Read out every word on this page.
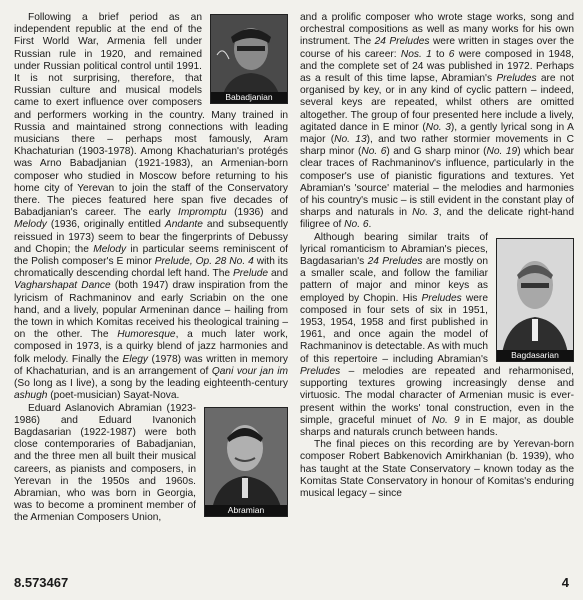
Babadjanian

Following a brief period as an independent republic at the end of the First World War, Armenia fell under Russian rule in 1920, and remained under Russian political control until 1991. It is not surprising, therefore, that Russian culture and musical models came to exert influence over composers and performers working in the country. Many trained in Russia and maintained strong connections with leading musicians there – perhaps most famously, Aram Khachaturian (1903-1978). Among Khachaturian's protégés was Arno Babadjanian (1921-1983), an Armenian-born composer who studied in Moscow before returning to his home city of Yerevan to join the staff of the Conservatory there. The pieces featured here span five decades of Babadjanian's career. The early Impromptu (1936) and Melody (1936, originally entitled Andante and subsequently reissued in 1973) seem to bear the fingerprints of Debussy and Chopin; the Melody in particular seems reminiscent of the Polish composer's E minor Prelude, Op. 28 No. 4 with its chromatically descending chordal left hand. The Prelude and Vagharshapat Dance (both 1947) draw inspiration from the lyricism of Rachmaninov and early Scriabin on the one hand, and a lively, popular Armeninan dance – hailing from the town in which Komitas received his theological training – on the other. The Humoresque, a much later work, composed in 1973, is a quirky blend of jazz harmonies and folk melody. Finally the Elegy (1978) was written in memory of Khachaturian, and is an arrangement of Qani vour jan im (So long as I live), a song by the leading eighteenth-century ashugh (poet-musician) Sayat-Nova.

Abramian

Eduard Aslanovich Abramian (1923-1986) and Eduard Ivanonich Bagdasarian (1922-1987) were both close contemporaries of Babadjanian, and the three men all built their musical careers, as pianists and composers, in Yerevan in the 1950s and 1960s. Abramian, who was born in Georgia, was to become a prominent member of the Armenian Composers Union,

and a prolific composer who wrote stage works, song and orchestral compositions as well as many works for his own instrument. The 24 Preludes were written in stages over the course of his career: Nos. 1 to 6 were composed in 1948, and the complete set of 24 was published in 1972. Perhaps as a result of this time lapse, Abramian's Preludes are not organised by key, or in any kind of cyclic pattern – indeed, several keys are repeated, whilst others are omitted altogether. The group of four presented here include a lively, agitated dance in E minor (No. 3), a gently lyrical song in A major (No. 13), and two rather stormier movements in C sharp minor (No. 6) and G sharp minor (No. 19) which bear clear traces of Rachmaninov's influence, particularly in the composer's use of pianistic figurations and textures. Yet Abramian's 'source' material – the melodies and harmonies of his country's music – is still evident in the constant play of sharps and naturals in No. 3, and the delicate right-hand filigree of No. 6.

Bagdasarian

Although bearing similar traits of lyrical romanticism to Abramian's pieces, Bagdasarian's 24 Preludes are mostly on a smaller scale, and follow the familiar pattern of major and minor keys as employed by Chopin. His Preludes were composed in four sets of six in 1951, 1953, 1954, 1958 and first published in 1961, and once again the model of Rachmaninov is detectable. As with much of this repertoire – including Abramian's Preludes – melodies are repeated and reharmonised, supporting textures growing increasingly dense and virtuosic. The modal character of Armenian music is ever-present within the works' tonal construction, even in the simple, graceful minuet of No. 9 in E major, as double sharps and naturals crunch between hands.

The final pieces on this recording are by Yerevan-born composer Robert Babkenovich Amirkhanian (b. 1939), who has taught at the State Conservatory – known today as the Komitas State Conservatory in honour of Komitas's enduring musical legacy – since

8.573467	4
